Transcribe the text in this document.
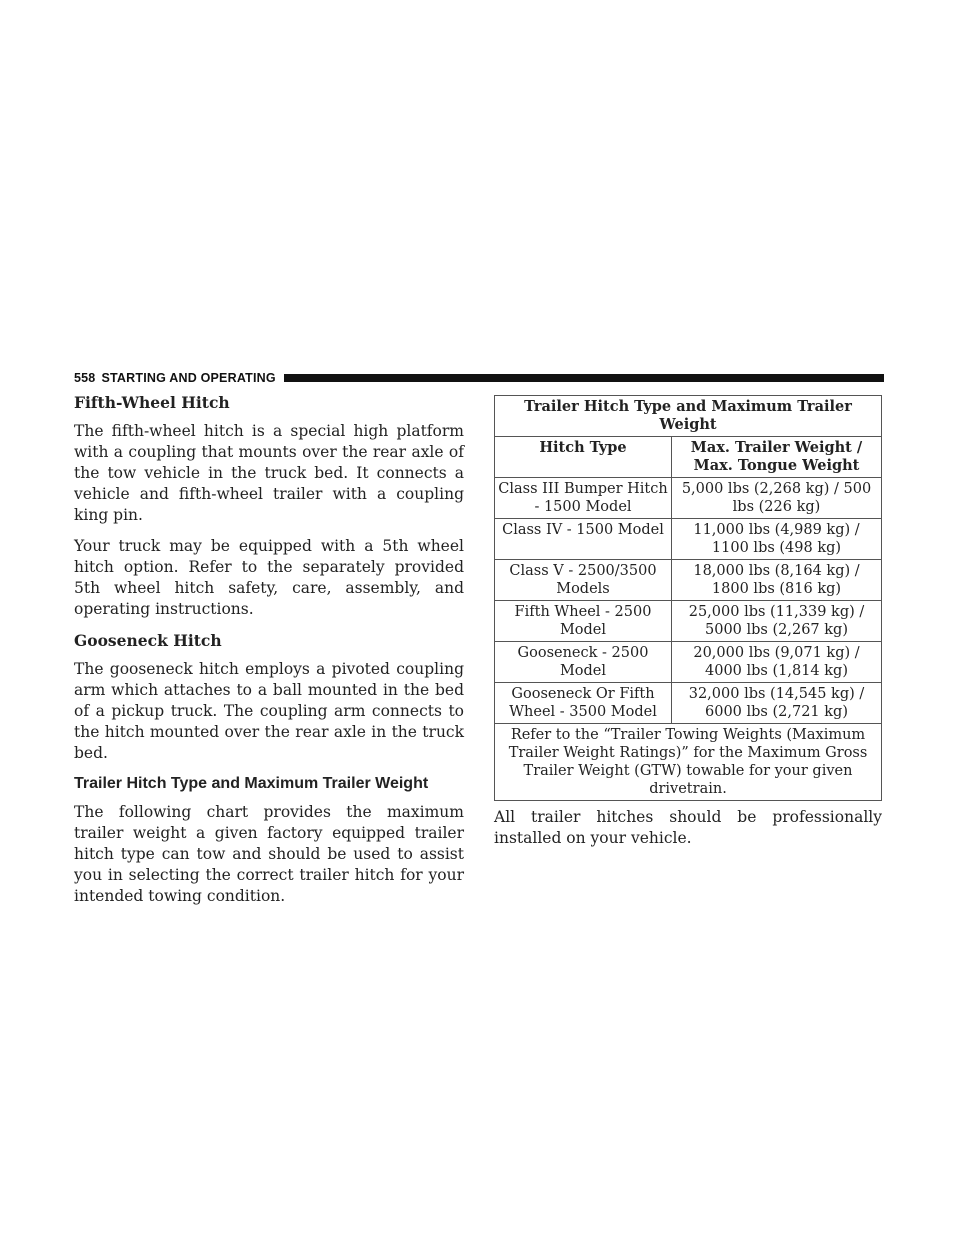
558 STARTING AND OPERATING
Fifth-Wheel Hitch

The fifth-wheel hitch is a special high platform with a coupling that mounts over the rear axle of the tow vehicle in the truck bed. It connects a vehicle and fifth-wheel trailer with a coupling king pin.

Your truck may be equipped with a 5th wheel hitch option. Refer to the separately provided 5th wheel hitch safety, care, assembly, and operating instructions.

Gooseneck Hitch

The gooseneck hitch employs a pivoted coupling arm which attaches to a ball mounted in the bed of a pickup truck. The coupling arm connects to the hitch mounted over the rear axle in the truck bed.

Trailer Hitch Type and Maximum Trailer Weight

The following chart provides the maximum trailer weight a given factory equipped trailer hitch type can tow and should be used to assist you in selecting the correct trailer hitch for your intended towing condition.

Trailer Hitch Type and Maximum Trailer Weight	
Hitch Type	Max. Trailer Weight / Max. Tongue Weight
Class III Bumper Hitch - 1500 Model	5,000 lbs (2,268 kg) / 500 lbs (226 kg)
Class IV - 1500 Model	11,000 lbs (4,989 kg) / 1100 lbs (498 kg)
Class V - 2500/3500 Models	18,000 lbs (8,164 kg) / 1800 lbs (816 kg)
Fifth Wheel - 2500 Model	25,000 lbs (11,339 kg) / 5000 lbs (2,267 kg)
Gooseneck - 2500 Model	20,000 lbs (9,071 kg) / 4000 lbs (1,814 kg)
Gooseneck Or Fifth Wheel - 3500 Model	32,000 lbs (14,545 kg) / 6000 lbs (2,721 kg)
Refer to the “Trailer Towing Weights (Maximum Trailer Weight Ratings)” for the Maximum Gross Trailer Weight (GTW) towable for your given drivetrain.	

All trailer hitches should be professionally installed on your vehicle.
